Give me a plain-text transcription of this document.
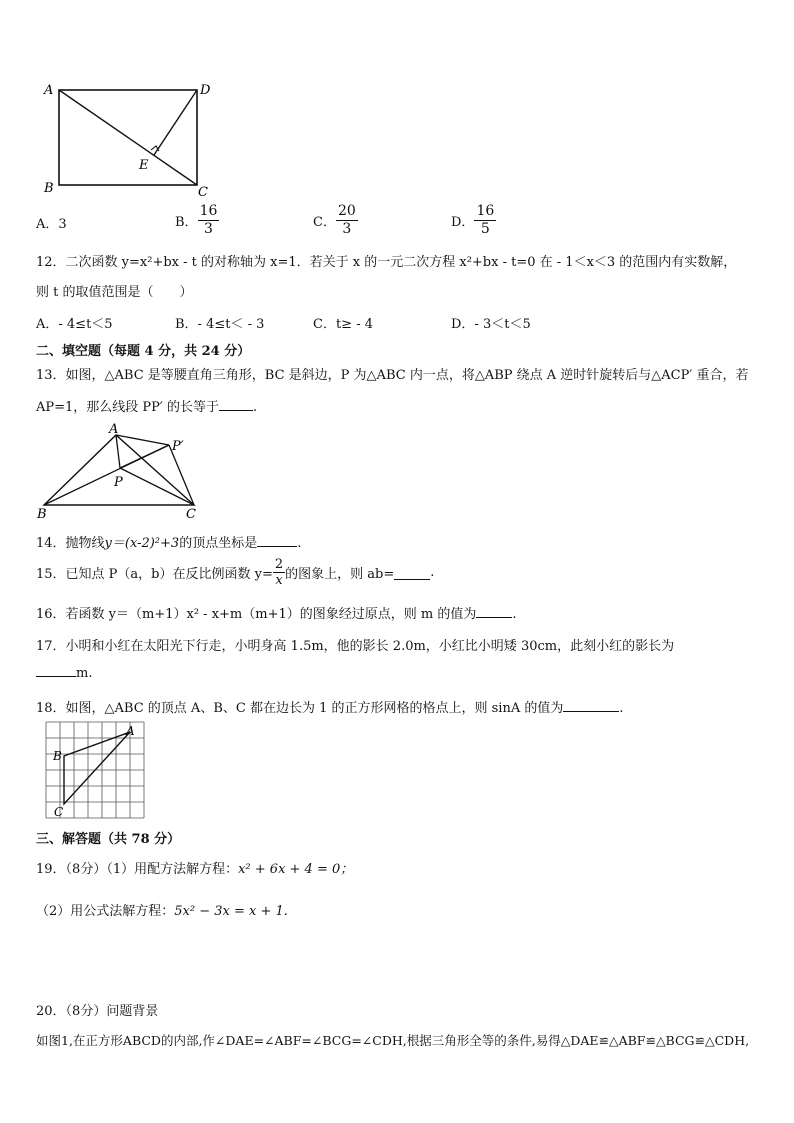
A	D
B	C
E
A．3	B． $\frac{16}{3}$	C． $\frac{20}{3}$	D． $\frac{16}{5}$
12．二次函数 y=x²+bx - t 的对称轴为 x=1．若关于 x 的一元二次方程 x²+bx - t=0 在 - 1＜x＜3 的范围内有实数解，
则 t 的取值范围是（　　）
A．- 4≤t＜5	B．- 4≤t＜ - 3	C．t≥ - 4	D．- 3＜t＜5
二、填空题（每题 4 分，共 24 分）
13．如图，△ABC 是等腰直角三角形，BC 是斜边，P 为△ABC 内一点，将△ABP 绕点 A 逆时针旋转后与△ACP′ 重合，若
AP=1，那么线段 PP′ 的长等于	.
A
P′
P
B	C
14．抛物线y＝(x-2)²+3的顶点坐标是	.
15．已知点 P（a，b）在反比例函数 $y= \frac{2}{x}$ 的图象上，则 ab=	.
16．若函数 y＝（m+1）x² - x+m（m+1）的图象经过原点，则 m 的值为	.
17．小明和小红在太阳光下行走，小明身高 1.5m，他的影长 2.0m，小红比小明矮 30cm，此刻小红的影长为
m.
18．如图，△ABC 的顶点 A、B、C 都在边长为 1 的正方形网格的格点上，则 sinA 的值为	.
A
B
C
三、解答题（共 78 分）
19．（8分）（1）用配方法解方程：x² + 6x + 4 = 0；
（2）用公式法解方程：5x² − 3x = x + 1.
20．（8分）问题背景
如图1,在正方形ABCD的内部,作∠DAE=∠ABF=∠BCG=∠CDH,根据三角形全等的条件,易得△DAE≌△ABF≌△BCG≌△CDH,
